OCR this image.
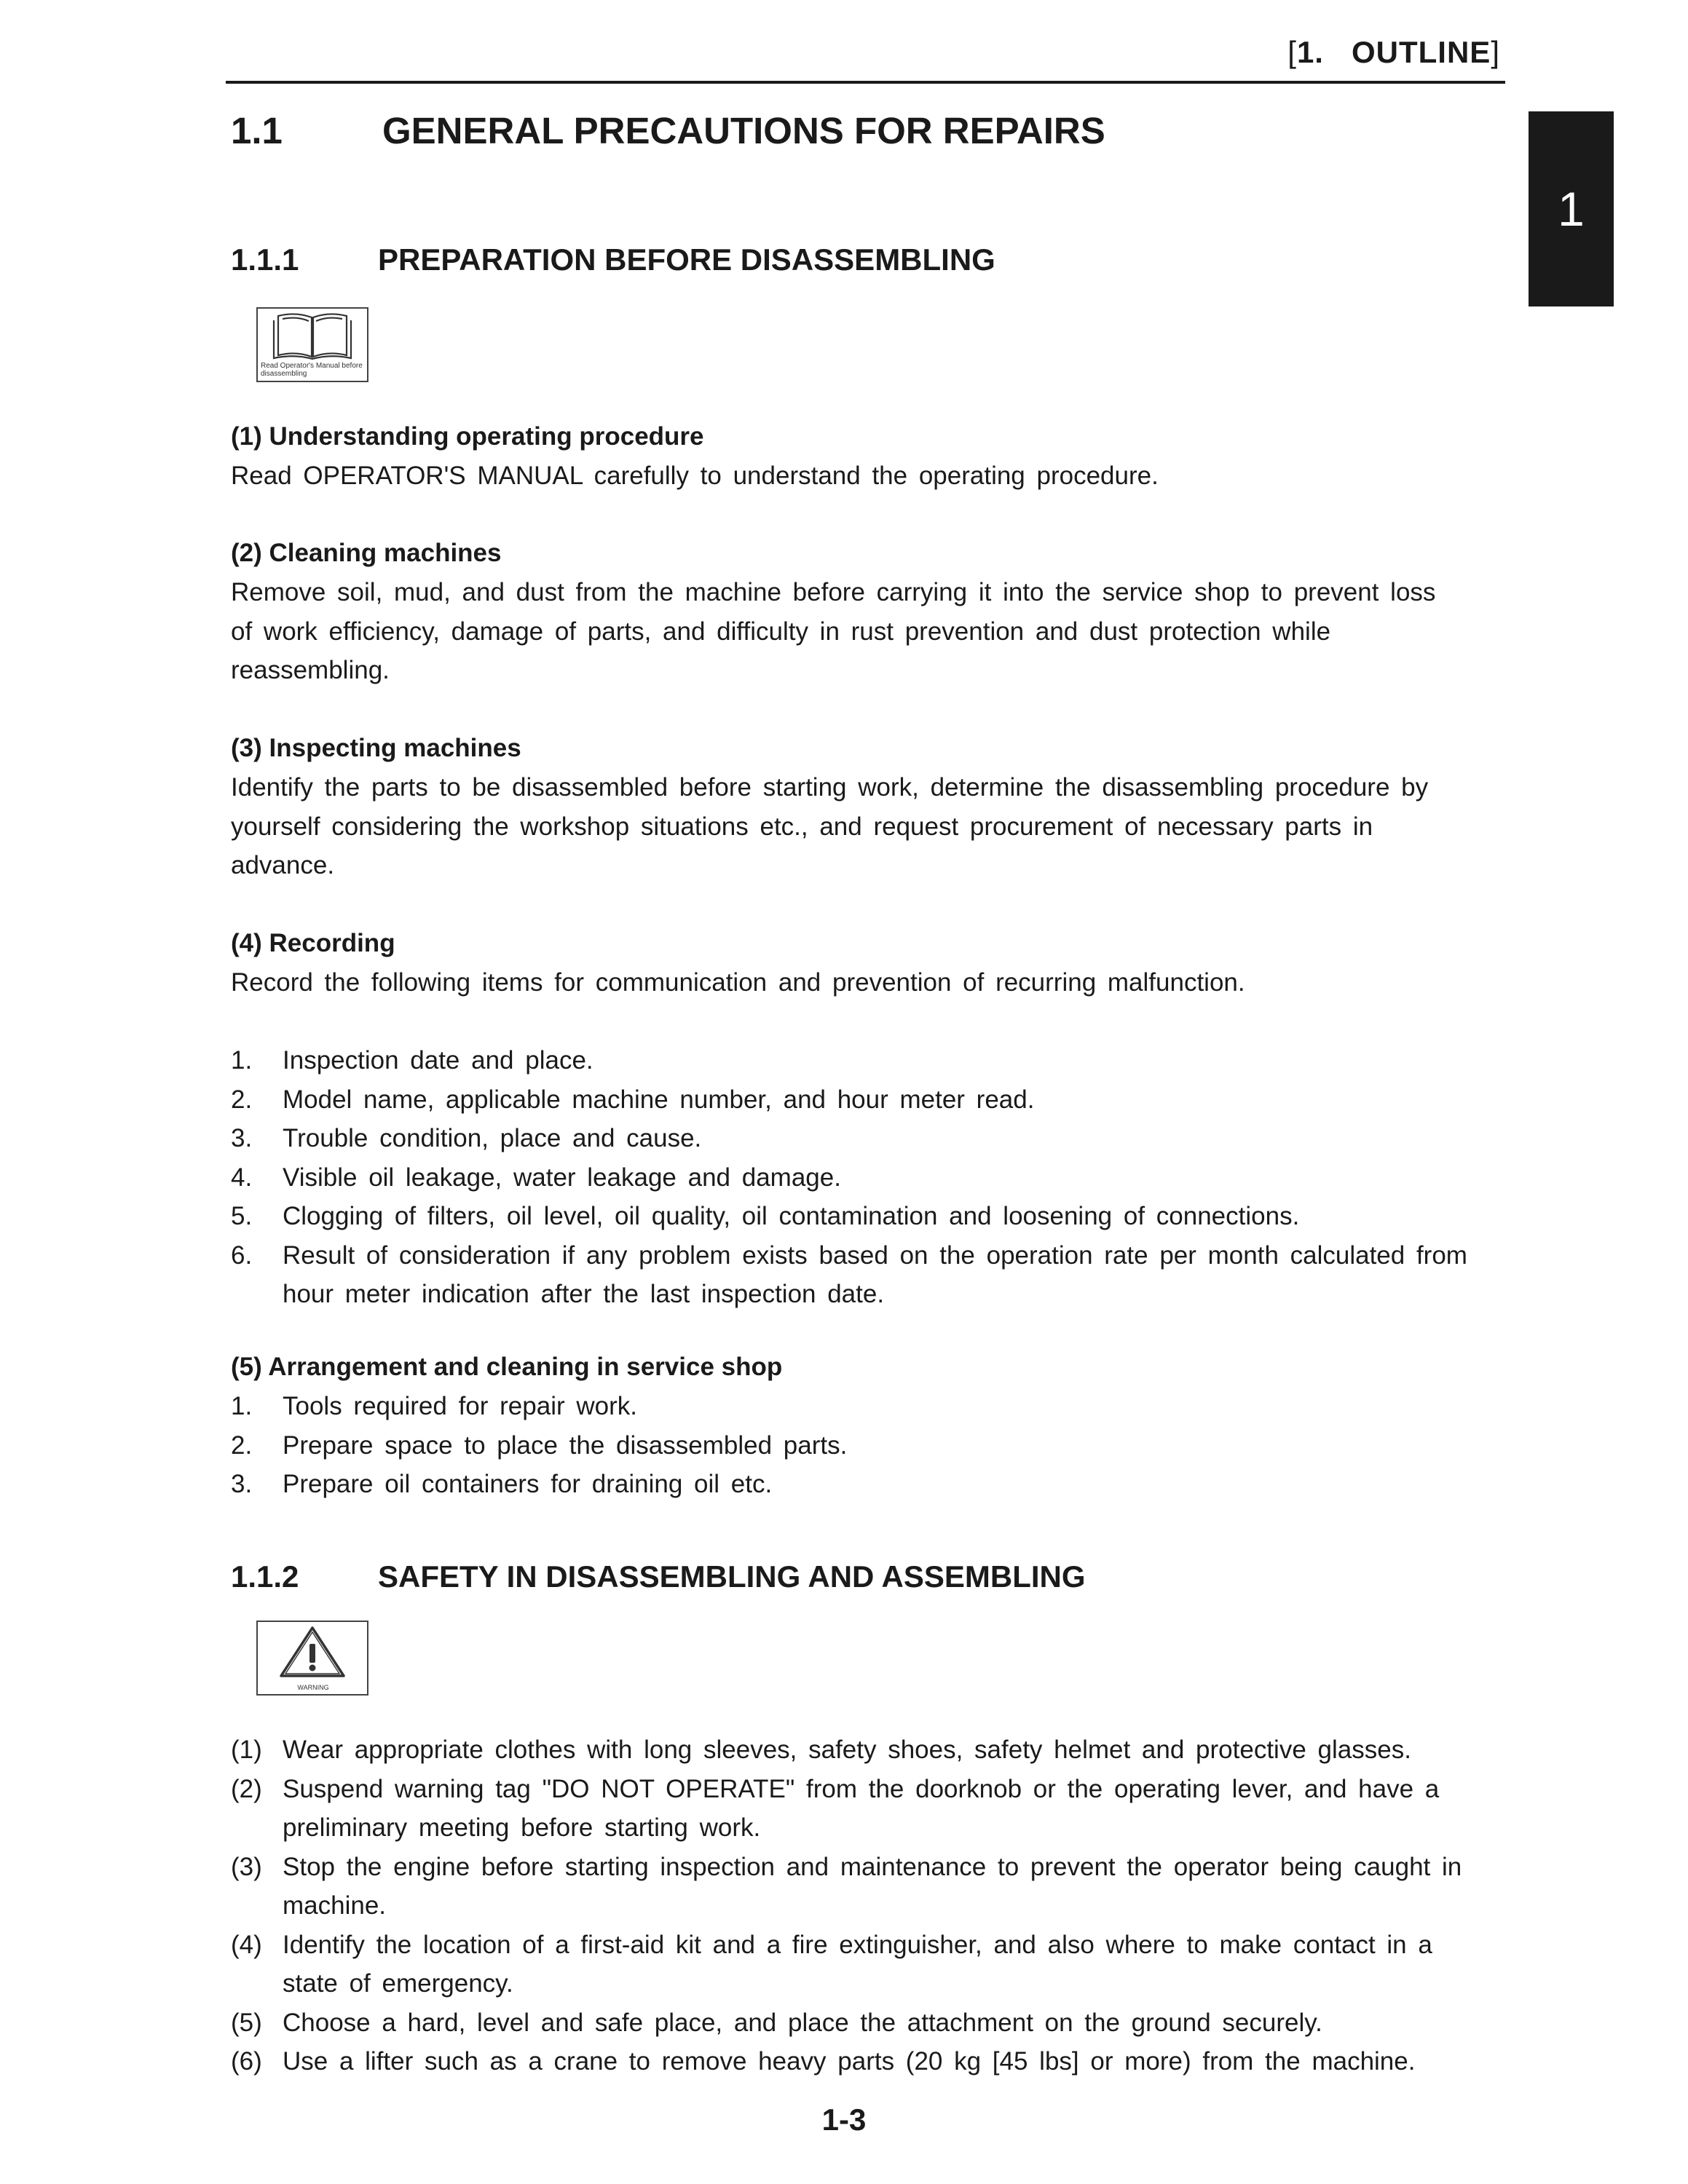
[1. OUTLINE]
1
1.1	GENERAL PRECAUTIONS FOR REPAIRS
1.1.1	PREPARATION BEFORE DISASSEMBLING
Read Operator's Manual before disassembling
(1) Understanding operating procedure
Read OPERATOR'S MANUAL carefully to understand the operating procedure.
(2) Cleaning machines
Remove soil, mud, and dust from the machine before carrying it into the service shop to prevent loss
of work efficiency, damage of parts, and difficulty in rust prevention and dust protection while
reassembling.
(3) Inspecting machines
Identify the parts to be disassembled before starting work, determine the disassembling procedure by
yourself considering the workshop situations etc., and request procurement of necessary parts in
advance.
(4) Recording
Record the following items for communication and prevention of recurring malfunction.
1.	Inspection date and place.
2.	Model name, applicable machine number, and hour meter read.
3.	Trouble condition, place and cause.
4.	Visible oil leakage, water leakage and damage.
5.	Clogging of filters, oil level, oil quality, oil contamination and loosening of connections.
6.	Result of consideration if any problem exists based on the operation rate per month calculated from hour meter indication after the last inspection date.
(5) Arrangement and cleaning in service shop
1.	Tools required for repair work.
2.	Prepare space to place the disassembled parts.
3.	Prepare oil containers for draining oil etc.
1.1.2	SAFETY IN DISASSEMBLING AND ASSEMBLING
WARNING
(1) Wear appropriate clothes with long sleeves, safety shoes, safety helmet and protective glasses.
(2) Suspend warning tag "DO NOT OPERATE" from the doorknob or the operating lever, and have a preliminary meeting before starting work.
(3) Stop the engine before starting inspection and maintenance to prevent the operator being caught in machine.
(4) Identify the location of a first-aid kit and a fire extinguisher, and also where to make contact in a state of emergency.
(5) Choose a hard, level and safe place, and place the attachment on the ground securely.
(6) Use a lifter such as a crane to remove heavy parts (20 kg [45 lbs] or more) from the machine.
1-3
